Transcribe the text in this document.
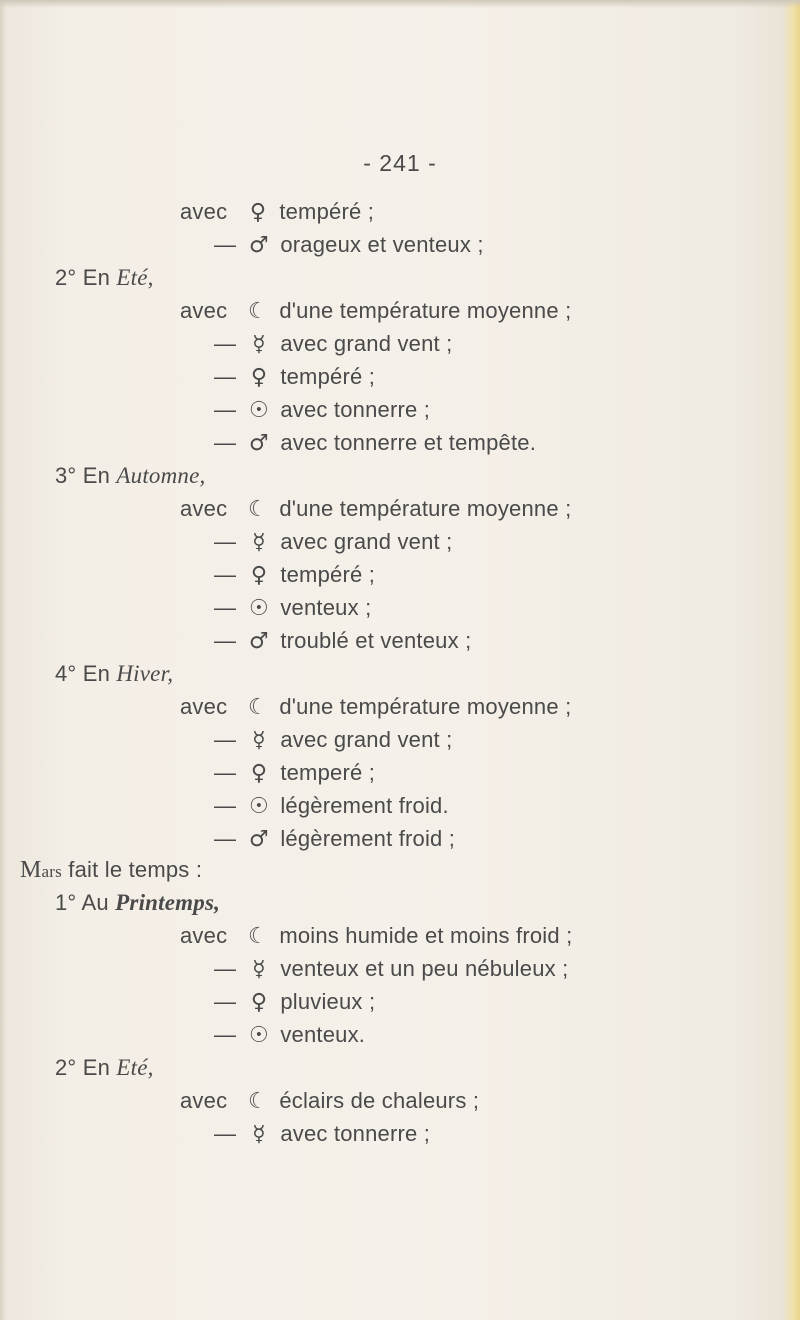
- 241 -
avec ♀ tempéré ;
— ♂ orageux et venteux ;
2° En Eté,
avec ☾ d'une température moyenne ;
— ☿ avec grand vent ;
— ♀ tempéré ;
— ☉ avec tonnerre ;
— ♂ avec tonnerre et tempête.
3° En Automne,
avec ☾ d'une température moyenne ;
— ☿ avec grand vent ;
— ♀ tempéré ;
— ☉ venteux ;
— ♂ troublé et venteux ;
4° En Hiver,
avec ☾ d'une température moyenne ;
— ☿ avec grand vent ;
— ♀ temperé ;
— ☉ légèrement froid.
— ♂ légèrement froid ;
Mars fait le temps :
1° Au Printemps,
avec ☾ moins humide et moins froid ;
— ☿ venteux et un peu nébuleux ;
— ♀ pluvieux ;
— ☉ venteux.
2° En Eté,
avec ☾ éclairs de chaleurs ;
— ☿ avec tonnerre ;
